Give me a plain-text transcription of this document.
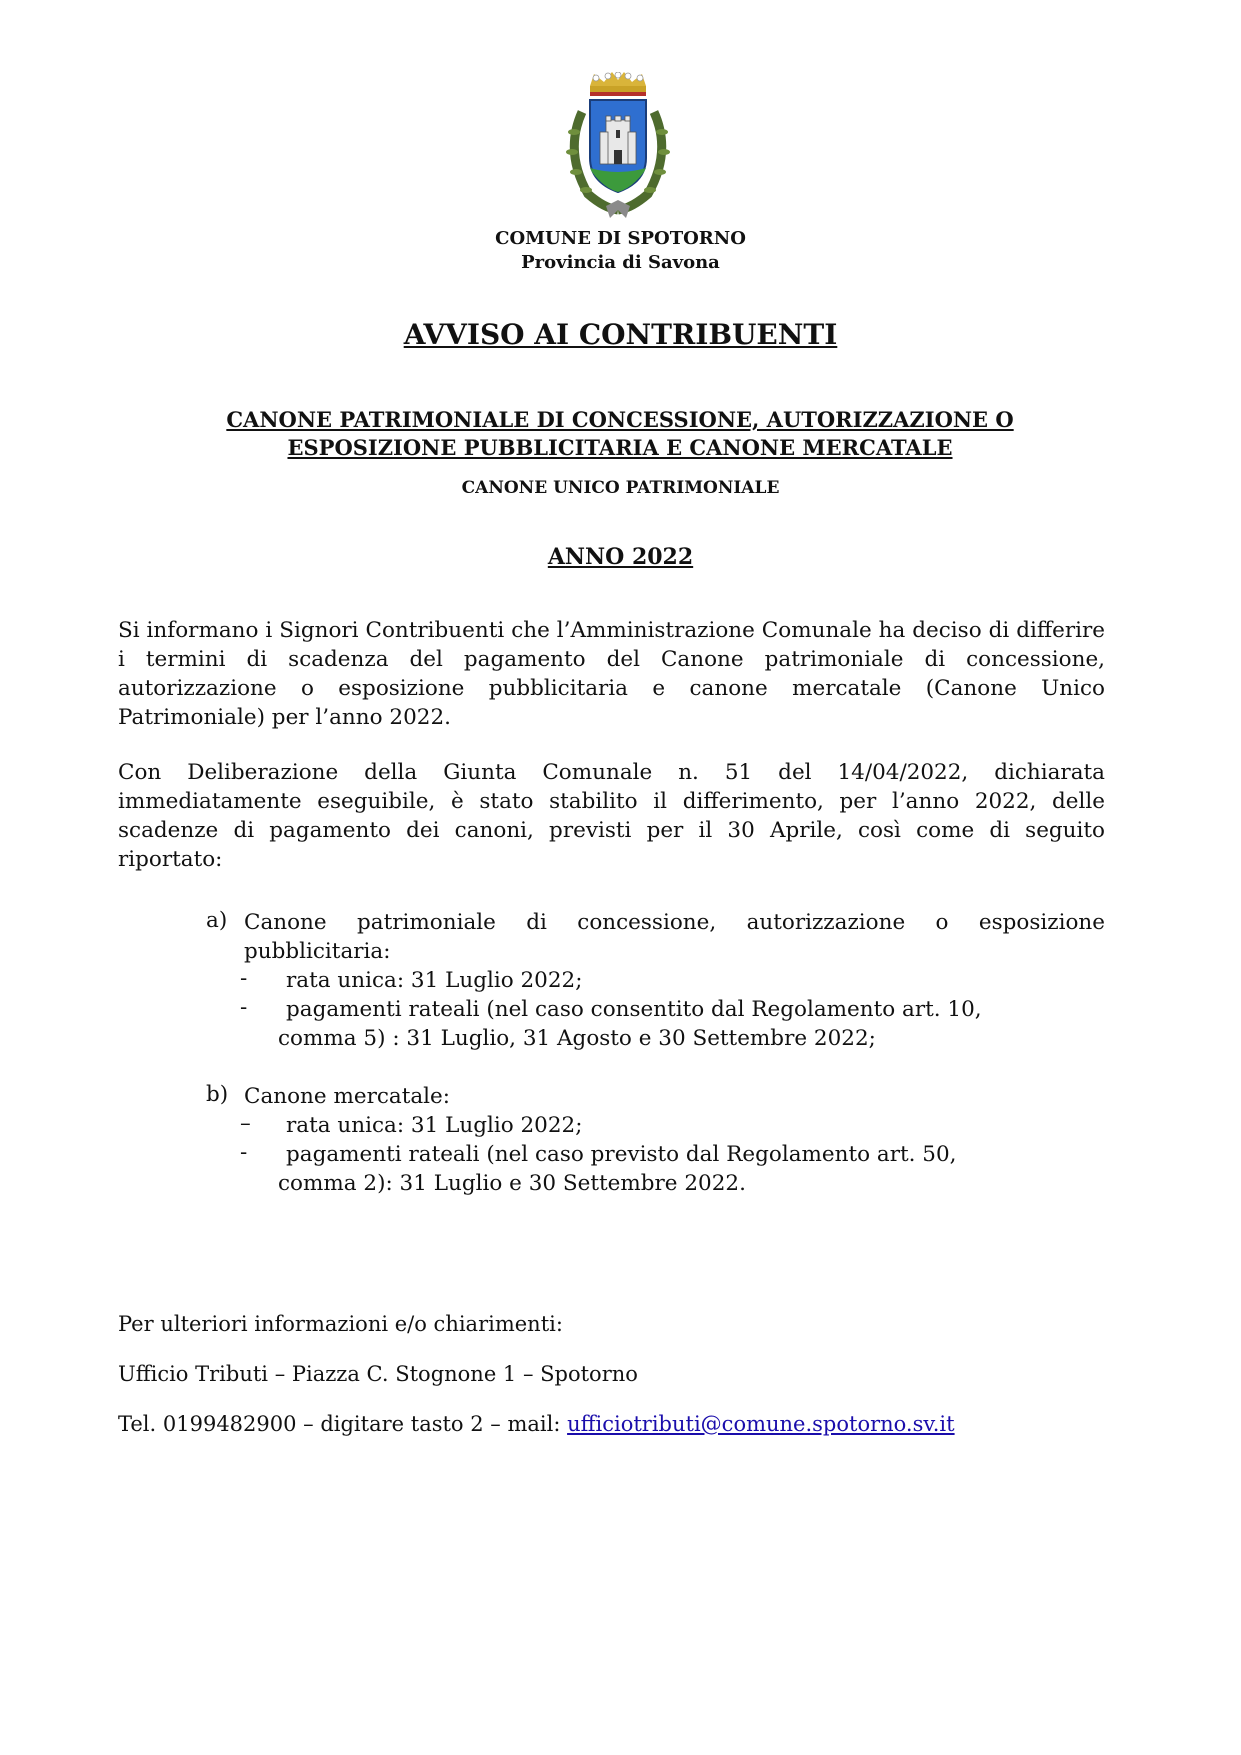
COMUNE DI SPOTORNO
Provincia di Savona
AVVISO AI CONTRIBUENTI
CANONE PATRIMONIALE DI CONCESSIONE, AUTORIZZAZIONE O
ESPOSIZIONE PUBBLICITARIA E CANONE MERCATALE
CANONE UNICO PATRIMONIALE
ANNO 2022
Si informano i Signori Contribuenti che l’Amministrazione Comunale ha deciso di differire i termini di scadenza del pagamento del Canone patrimoniale di concessione, autorizzazione o esposizione pubblicitaria e canone mercatale (Canone Unico Patrimoniale) per l’anno 2022.
Con Deliberazione della Giunta Comunale n. 51 del 14/04/2022, dichiarata immediatamente eseguibile, è stato stabilito il differimento, per l’anno 2022, delle scadenze di pagamento dei canoni, previsti per il 30 Aprile, così come di seguito riportato:
a) Canone patrimoniale di concessione, autorizzazione o esposizione pubblicitaria:
- rata unica: 31 Luglio 2022;
- pagamenti rateali (nel caso consentito dal Regolamento art. 10,
comma 5) : 31 Luglio, 31 Agosto e 30 Settembre 2022;
b) Canone mercatale:
– rata unica: 31 Luglio 2022;
- pagamenti rateali (nel caso previsto dal Regolamento art. 50,
comma 2): 31 Luglio e 30 Settembre 2022.
Per ulteriori informazioni e/o chiarimenti:
Ufficio Tributi – Piazza C. Stognone 1 – Spotorno
Tel. 0199482900 – digitare tasto 2 – mail: ufficiotributi@comune.spotorno.sv.it
